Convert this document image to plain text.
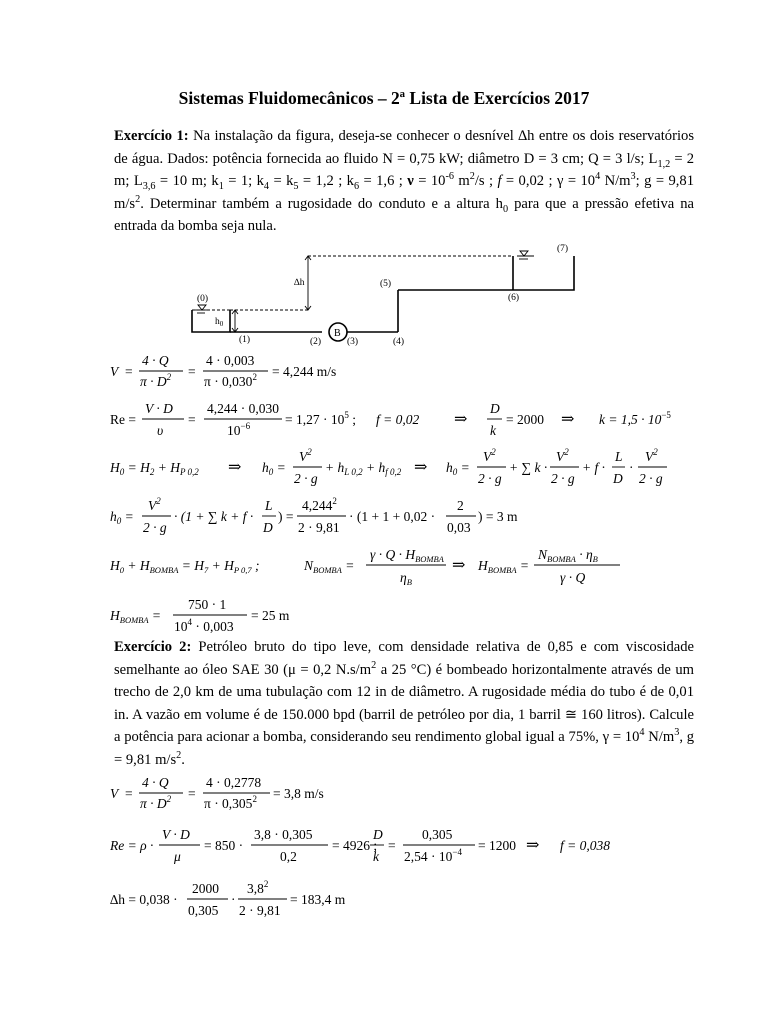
Sistemas Fluidomecânicos – 2ª Lista de Exercícios 2017
Exercício 1: Na instalação da figura, deseja-se conhecer o desnível ∆h entre os dois reservatórios de água. Dados: potência fornecida ao fluido N = 0,75 kW; diâmetro D = 3 cm; Q = 3 l/s; $L_{1,2} = 2$ m; $L_{3,6} = 10$ m; $k_1 = 1$; $k_4 = k_5 = 1,2$ ; $k_6 = 1,6$ ; $\nu = 10^{-6}$ $m^2/s$ ; f = 0,02 ; $\gamma = 10^4$ $N/m^3$; g = 9,81 $m/s^2$. Determinar também a rugosidade do conduto e a altura $h_0$ para que a pressão efetiva na entrada da bomba seja nula.
(0)
$h_0$
(1)	(2)	(3)	(4)
(5)
(6)
(7)
∆h
B
V =
4 · Q
$\pi \cdot D^2$ =
4 · 0,003
$\pi \cdot 0,030^2 = 4,244$ m/s
Re =
V · D
υ
=
4,244 · 0,030
$10^{-6}$	= $1,27 \cdot 10^5$ ; f = 0,02 ⇒
D
k
= 2000 ⇒ $k = 1,5 \cdot 10^{-5}$
$H_0 = H_2 + H_{P 0,2}$ ⇒ $h_0$ =
$V^2$
2 · g
+ $h_{L 0,2} + h_{f 0,2}$ ⇒ $h_0$ =
$V^2$
2 · g
+ ∑ k ·
$V^2$
2 · g
+ f ·
L
D
·
$V^2$
2 · g
$h_0$ =
$V^2$
2 · g
· (1 + ∑ k + f ·
L
D
) =
$4,244^2$
2 · 9,81
· (1 + 1 + 0,02 ·
2
0,03
) = 3 m
$H_0 + H_{BOMBA} = H_7 + H_{P 0,7}$ ;	$N_{BOMBA}$ =
$\gamma \cdot Q \cdot H_{BOMBA}$
$\eta_B$
⇒ $H_{BOMBA}$ =
$N_{BOMBA} \cdot \eta_B$
γ · Q
$H_{BOMBA}$ =
750 · 1
$10^4 \cdot 0,003$
= 25 m
Exercício 2: Petróleo bruto do tipo leve, com densidade relativa de 0,85 e com viscosidade semelhante ao óleo SAE 30 (μ = 0,2 $N.s/m^2$ a 25 °C) é bombeado horizontalmente através de um trecho de 2,0 km de uma tubulação com 12 in de diâmetro. A rugosidade média do tubo é de 0,01 in. A vazão em volume é de 150.000 bpd (barril de petróleo por dia, 1 barril ≅ 160 litros). Calcule a potência para acionar a bomba, considerando seu rendimento global igual a 75%, $\gamma = 10^4$ $N/m^3$, g = 9,81 $m/s^2$.
V =
4 · Q
$\pi \cdot D^2$ =
4 · 0,2778
$\pi \cdot 0,305^2 = 3,8$ m/s
Re = ρ ·
V · D
μ
= 850 ·
3,8 · 0,305
0,2
= 4926 ;
D
k
=
0,305
$2,54 \cdot 10^{-4} = 1200$ ⇒ f = 0,038
∆h = 0,038 ·
2000
0,305
·
$3,8^2$
2 · 9,81
= 183,4 m
